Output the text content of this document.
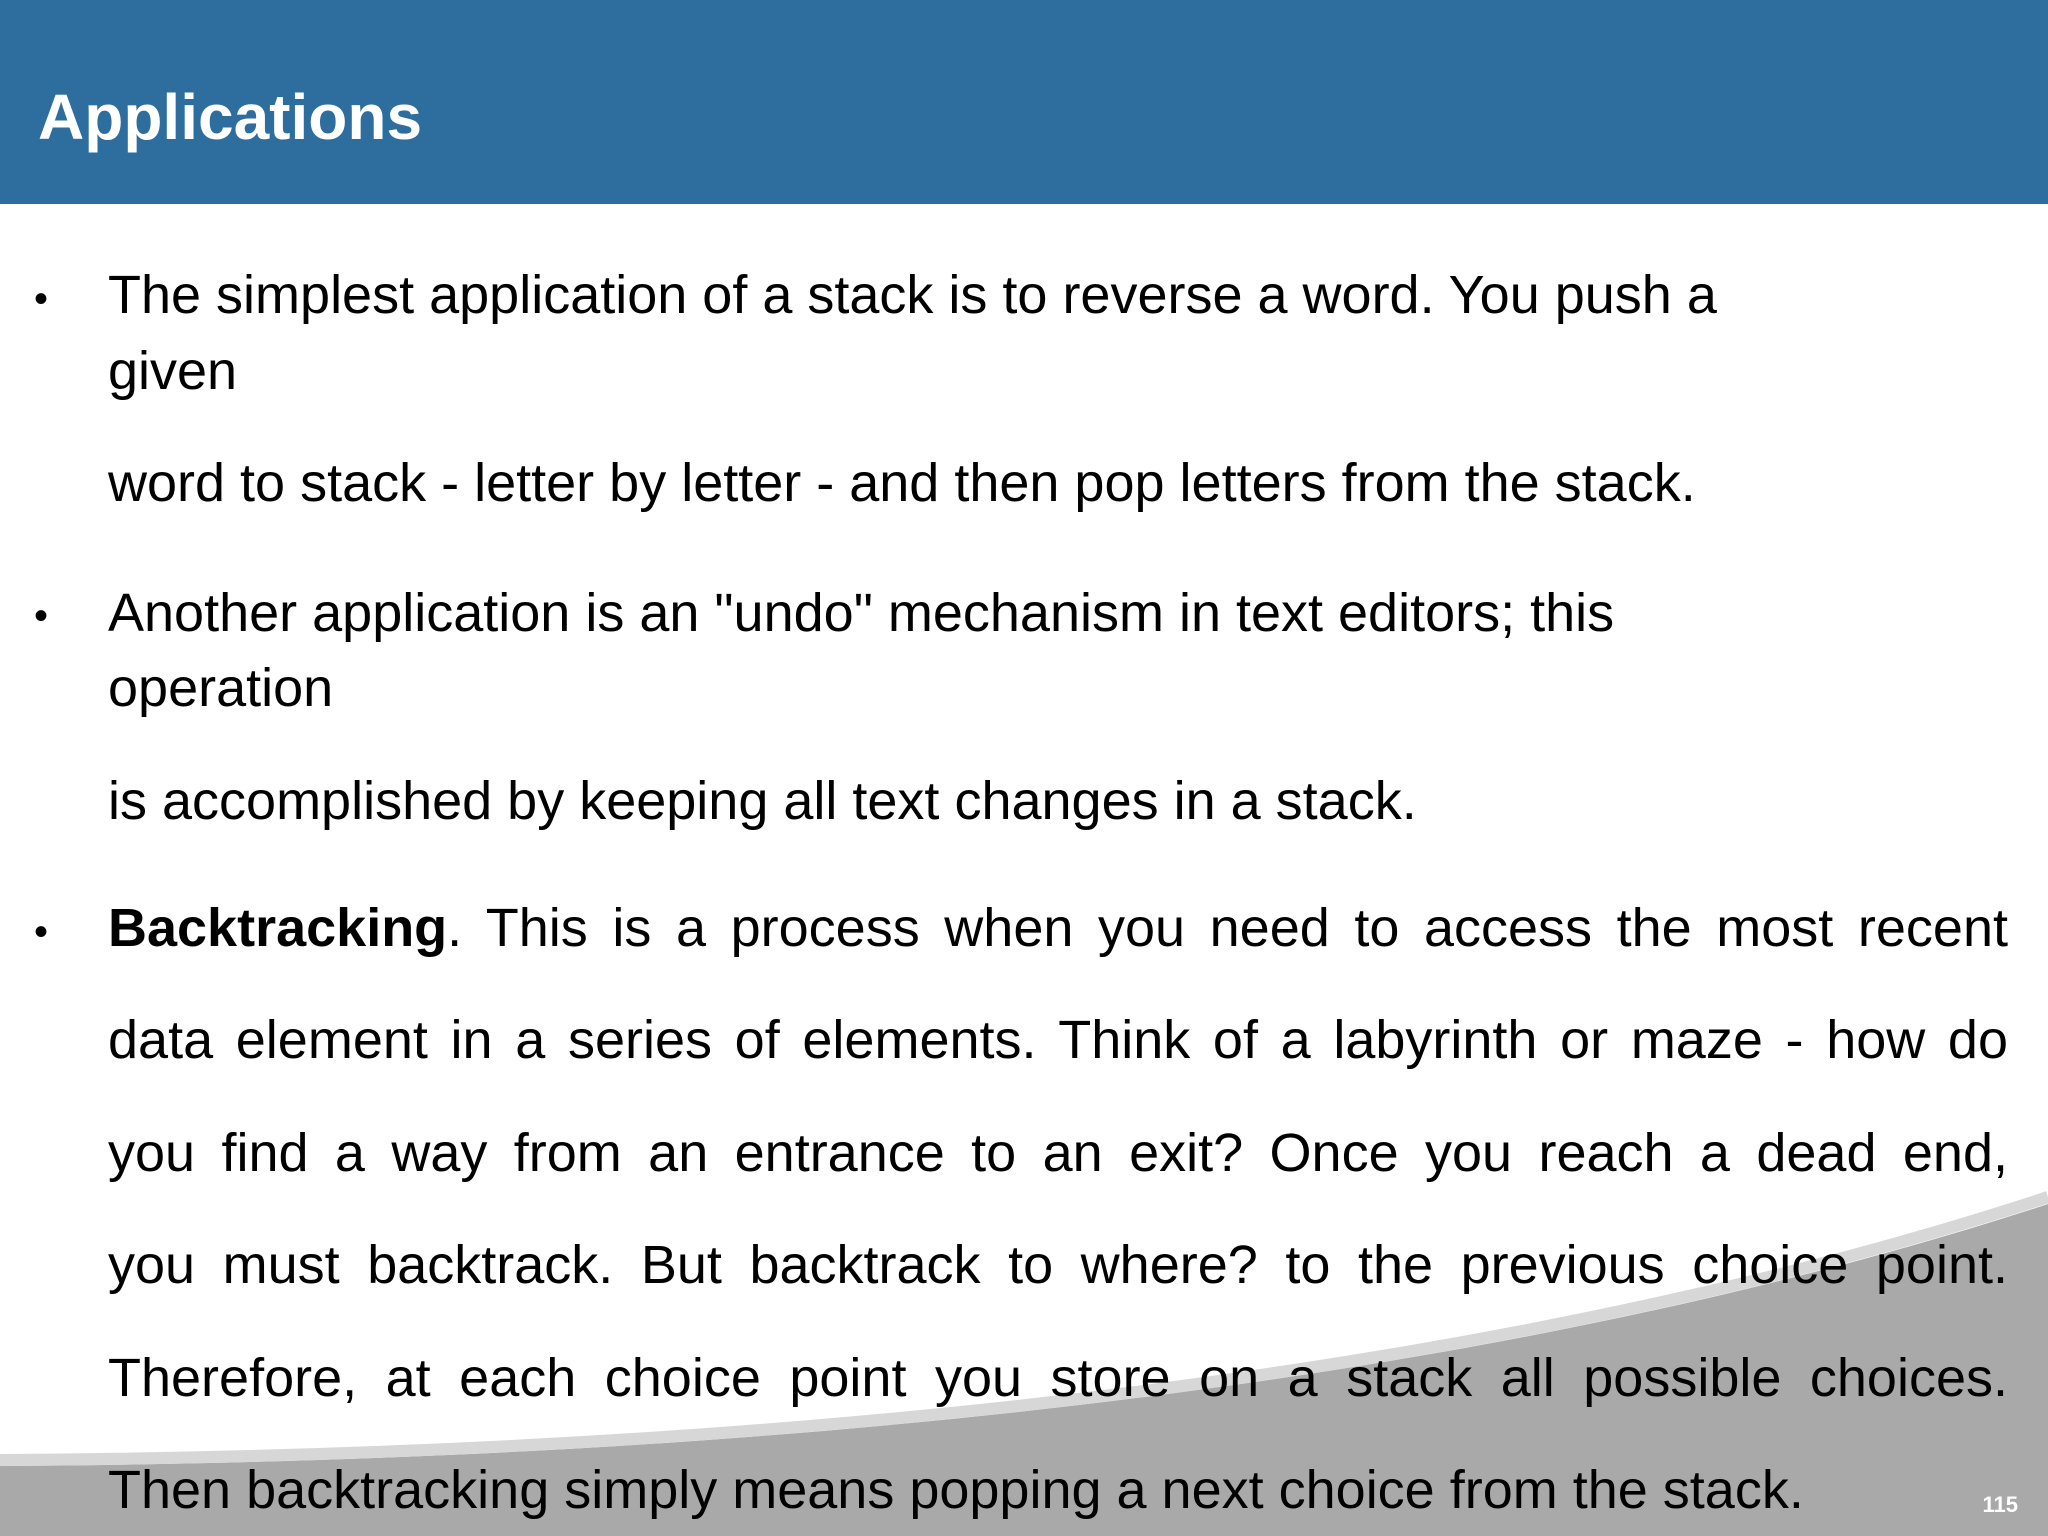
Applications
• The simplest application of a stack is to reverse a word. You push a
given
word to stack - letter by letter - and then pop letters from the stack.
• Another application is an "undo" mechanism in text editors; this
operation
is accomplished by keeping all text changes in a stack.
• Backtracking. This is a process when you need to access the most recent
data element in a series of elements. Think of a labyrinth or maze - how do
you find a way from an entrance to an exit? Once you reach a dead end,
you must backtrack. But backtrack to where? to the previous choice point.
Therefore, at each choice point you store on a stack all possible choices.
Then backtracking simply means popping a next choice from the stack.	115
